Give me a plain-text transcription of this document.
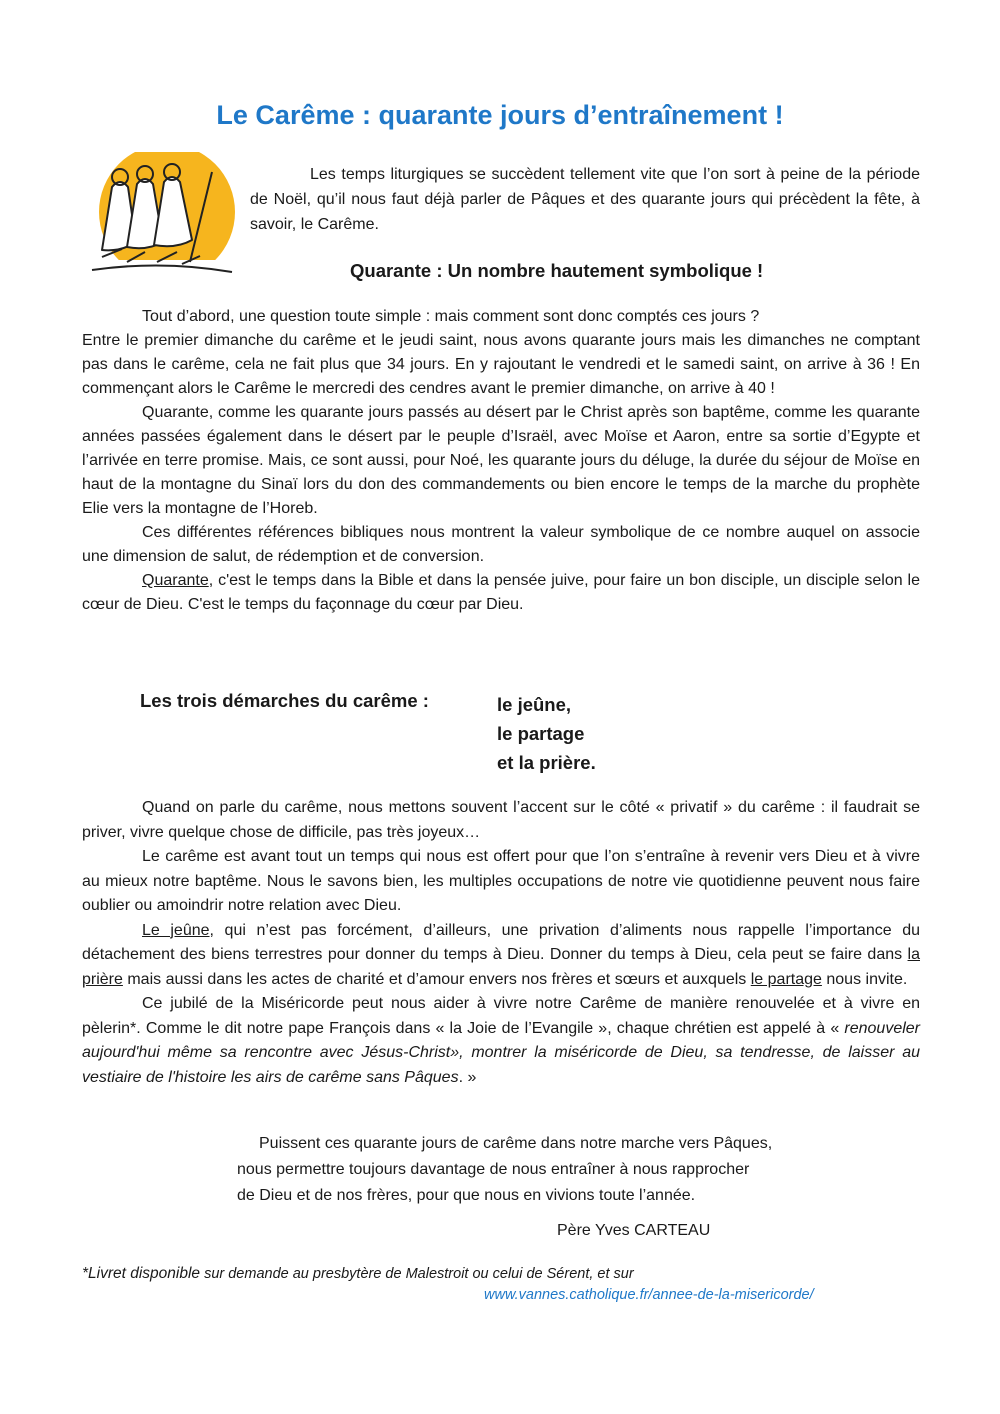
Le Carême : quarante jours d’entraînement !

Les temps liturgiques se succèdent tellement vite que l’on sort à peine de la période de Noël, qu’il nous faut déjà parler de Pâques et des quarante jours qui précèdent la fête, à savoir, le Carême.

Quarante : Un nombre hautement symbolique !

Tout d’abord, une question toute simple : mais comment sont donc comptés ces jours ?

Entre le premier dimanche du carême et le jeudi saint, nous avons quarante jours mais les dimanches ne comptant pas dans le carême, cela ne fait plus que 34 jours. En y rajoutant le vendredi et le samedi saint, on arrive à 36 ! En commençant alors le Carême le mercredi des cendres avant le premier dimanche, on arrive à 40 !

Quarante, comme les quarante jours passés au désert par le Christ après son baptême, comme les quarante années passées également dans le désert par le peuple d’Israël, avec Moïse et Aaron, entre sa sortie d’Egypte et l’arrivée en terre promise. Mais, ce sont aussi, pour Noé, les quarante jours du déluge, la durée du séjour de Moïse en haut de la montagne du Sinaï lors du don des commandements ou bien encore le temps de la marche du prophète Elie vers la montagne de l’Horeb.

Ces différentes références bibliques nous montrent la valeur symbolique de ce nombre auquel on associe une dimension de salut, de rédemption et de conversion.

Quarante, c'est le temps dans la Bible et dans la pensée juive, pour faire un bon disciple, un disciple selon le cœur de Dieu. C'est le temps du façonnage du cœur par Dieu.

Les trois démarches du carême :	le jeûne,
le partage
et la prière.

Quand on parle du carême, nous mettons souvent l’accent sur le côté « privatif » du carême : il faudrait se priver, vivre quelque chose de difficile, pas très joyeux…

Le carême est avant tout un temps qui nous est offert pour que l’on s’entraîne à revenir vers Dieu et à vivre au mieux notre baptême. Nous le savons bien, les multiples occupations de notre vie quotidienne peuvent nous faire oublier ou amoindrir notre relation avec Dieu.

Le jeûne, qui n’est pas forcément, d’ailleurs, une privation d’aliments nous rappelle l’importance du détachement des biens terrestres pour donner du temps à Dieu. Donner du temps à Dieu, cela peut se faire dans la prière mais aussi dans les actes de charité et d’amour envers nos frères et sœurs et auxquels le partage nous invite.

Ce jubilé de la Miséricorde peut nous aider à vivre notre Carême de manière renouvelée et à vivre en pèlerin*. Comme le dit notre pape François dans « la Joie de l’Evangile », chaque chrétien est appelé à « renouveler aujourd'hui même sa rencontre avec Jésus-Christ», montrer la miséricorde de Dieu, sa tendresse, de laisser au vestiaire de l'histoire les airs de carême sans Pâques. »

Puissent ces quarante jours de carême dans notre marche vers Pâques,

nous permettre toujours davantage de nous entraîner à nous rapprocher

de Dieu et de nos frères, pour que nous en vivions toute l’année.

Père Yves CARTEAU
*Livret disponible sur demande au presbytère de Malestroit ou celui de Sérent, et sur
www.vannes.catholique.fr/annee-de-la-misericorde/
